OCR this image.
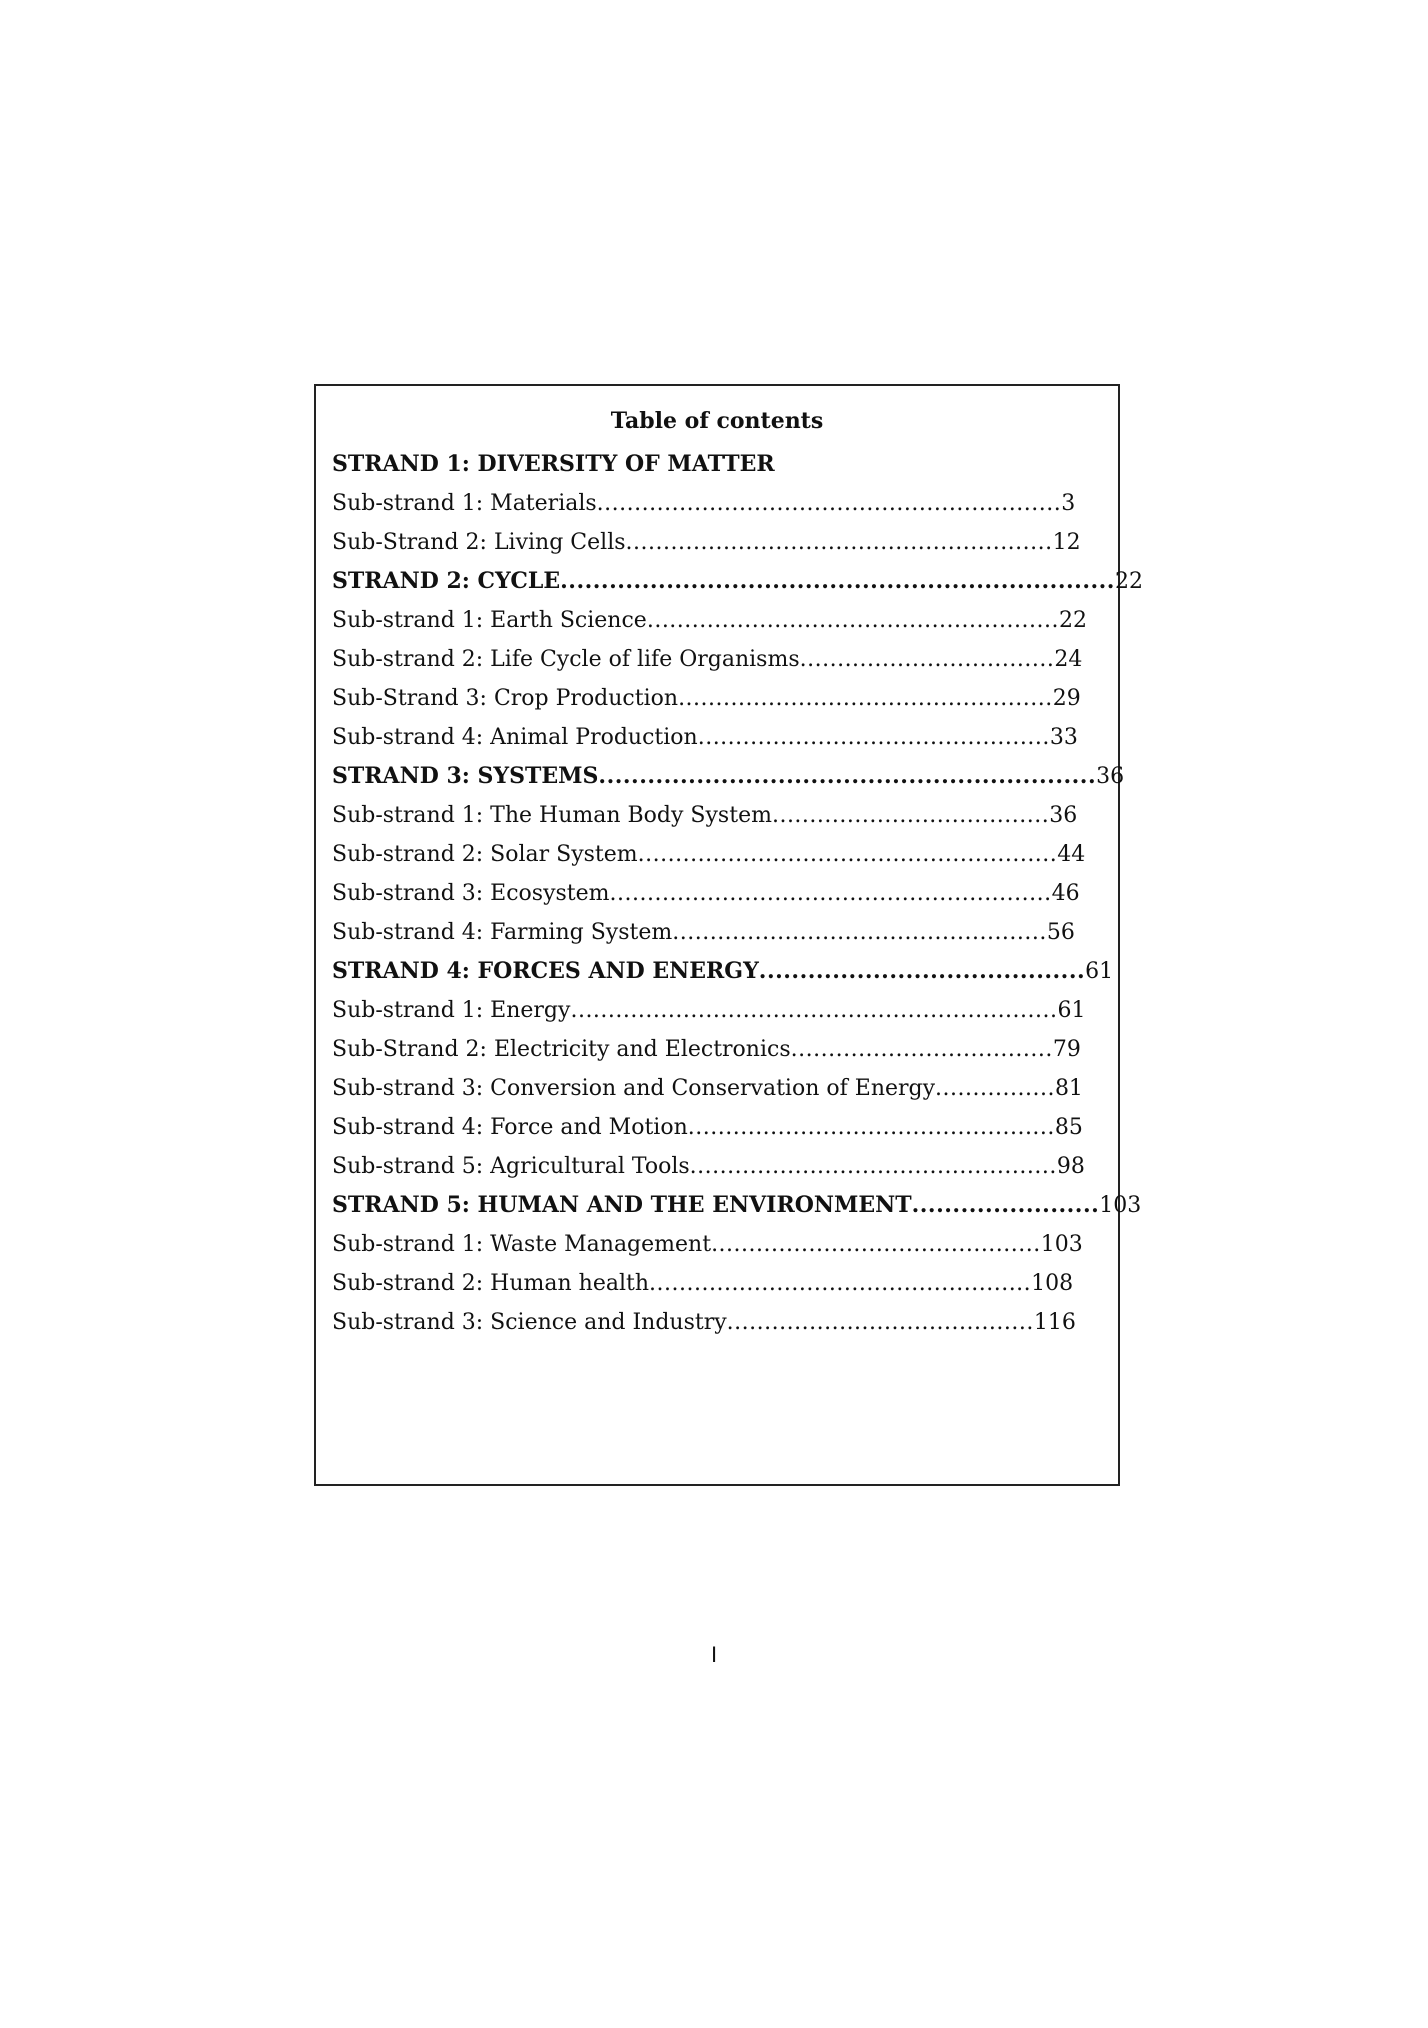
Table of contents
STRAND 1: DIVERSITY OF MATTER
Sub-strand 1: Materials..............................................................3
Sub-Strand 2: Living Cells.........................................................12
STRAND 2: CYCLE....................................................................22
Sub-strand 1: Earth Science.......................................................22
Sub-strand 2: Life Cycle of life Organisms..................................24
Sub-Strand 3: Crop Production..................................................29
Sub-strand 4: Animal Production...............................................33
STRAND 3: SYSTEMS.............................................................36
Sub-strand 1: The Human Body System.....................................36
Sub-strand 2: Solar System........................................................44
Sub-strand 3: Ecosystem...........................................................46
Sub-strand 4: Farming System..................................................56
STRAND 4: FORCES AND ENERGY........................................61
Sub-strand 1: Energy.................................................................61
Sub-Strand 2: Electricity and Electronics...................................79
Sub-strand 3: Conversion and Conservation of Energy................81
Sub-strand 4: Force and Motion.................................................85
Sub-strand 5: Agricultural Tools.................................................98
STRAND 5: HUMAN AND THE ENVIRONMENT.......................103
Sub-strand 1: Waste Management............................................103
Sub-strand 2: Human health...................................................108
Sub-strand 3: Science and Industry.........................................116
I
